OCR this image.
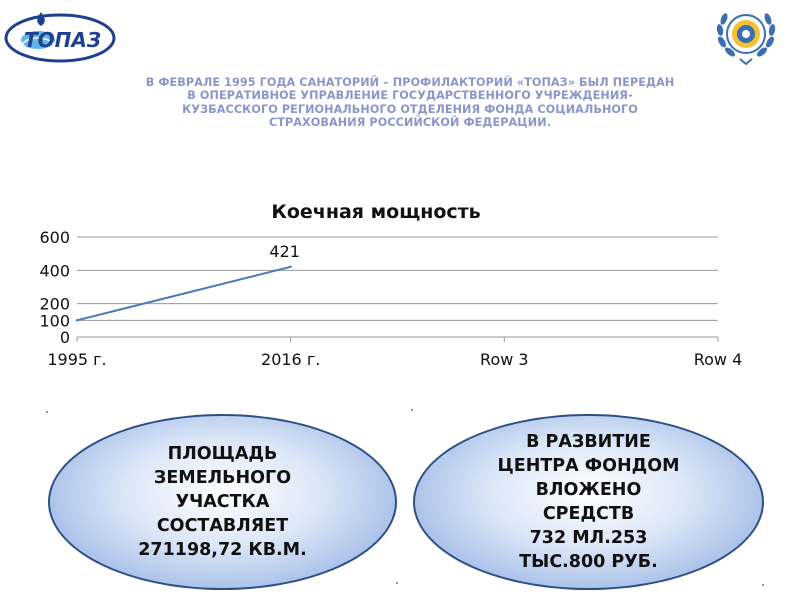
ТОПАЗ
В ФЕВРАЛЕ 1995 ГОДА САНАТОРИЙ – ПРОФИЛАКТОРИЙ «ТОПАЗ» БЫЛ ПЕРЕДАН
В ОПЕРАТИВНОЕ УПРАВЛЕНИЕ ГОСУДАРСТВЕННОГО УЧРЕЖДЕНИЯ-
КУЗБАССКОГО РЕГИОНАЛЬНОГО ОТДЕЛЕНИЯ ФОНДА СОЦИАЛЬНОГО
СТРАХОВАНИЯ РОССИЙСКОЙ ФЕДЕРАЦИИ.
Коечная мощность
0
100
200
400
600
1995 г.	2016 г.	Row 3	Row 4
421
ПЛОЩАДЬ
ЗЕМЕЛЬНОГО
УЧАСТКА
СОСТАВЛЯЕТ
271198,72 КВ.М.
В РАЗВИТИЕ
ЦЕНТРА ФОНДОМ
ВЛОЖЕНО
СРЕДСТВ
732 МЛ.253
ТЫС.800 РУБ.
